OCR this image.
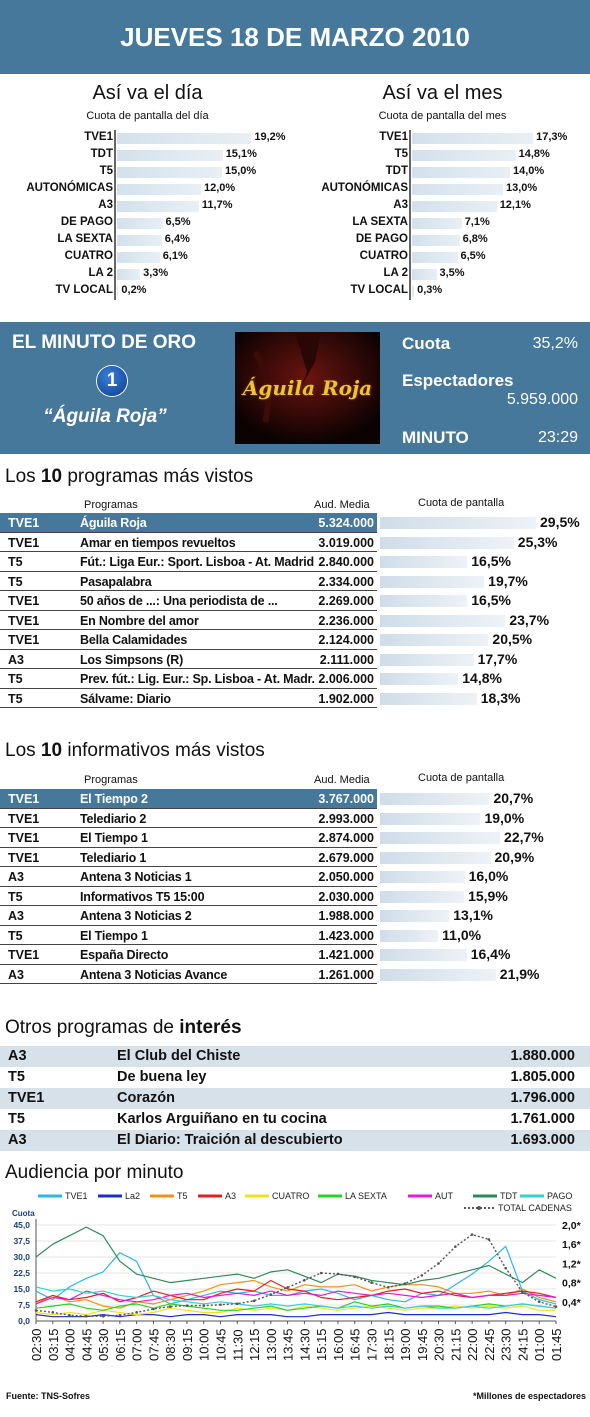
JUEVES 18 DE MARZO 2010
Así va el día
Cuota de pantalla del día
TVE1	19,2%
TDT	15,1%
T5	15,0%
AUTONÓMICAS	12,0%
A3	11,7%
DE PAGO	6,5%
LA SEXTA	6,4%
CUATRO	6,1%
LA 2	3,3%
TV LOCAL 0,2%
Así va el mes
Cuota de pantalla del mes
TVE1	17,3%
T5	14,8%
TDT	14,0%
AUTONÓMICAS	13,0%
A3	12,1%
LA SEXTA	7,1%
DE PAGO	6,8%
CUATRO	6,5%
LA 2	3,5%
TV LOCAL 0,3%
EL MINUTO DE ORO
1
“Águila Roja”
Águila Roja
Cuota	35,2%
Espectadores
5.959.000
MINUTO	23:29
Los 10 programas más vistos
Programas	Aud. Media	Cuota de pantalla
TVE1	Águila Roja	5.324.000	29,5%
TVE1	Amar en tiempos revueltos	3.019.000	25,3%
T5	Fút.: Liga Eur.: Sport. Lisboa - At. Madrid 2.840.000	16,5%
T5	Pasapalabra	2.334.000	19,7%
TVE1	50 años de ...: Una periodista de ...	2.269.000	16,5%
TVE1	En Nombre del amor	2.236.000	23,7%
TVE1	Bella Calamidades	2.124.000	20,5%
A3	Los Simpsons (R)	2.111.000	17,7%
T5	Prev. fút.: Lig. Eur.: Sp. Lisboa - At. Madr. 2.006.000	14,8%
T5	Sálvame: Diario	1.902.000	18,3%
Los 10 informativos más vistos
Programas	Aud. Media	Cuota de pantalla
TVE1	El Tiempo 2	3.767.000	20,7%
TVE1	Telediario 2	2.993.000	19,0%
TVE1	El Tiempo 1	2.874.000	22,7%
TVE1	Telediario 1	2.679.000	20,9%
A3	Antena 3 Noticias 1	2.050.000	16,0%
T5	Informativos T5 15:00	2.030.000	15,9%
A3	Antena 3 Noticias 2	1.988.000	13,1%
T5	El Tiempo 1	1.423.000	11,0%
TVE1	España Directo	1.421.000	16,4%
A3	Antena 3 Noticias Avance	1.261.000	21,9%
Otros programas de interés
A3	El Club del Chiste	1.880.000
T5	De buena ley	1.805.000
TVE1	Corazón	1.796.000
T5	Karlos Arguiñano en tu cocina	1.761.000
A3	El Diario: Traición al descubierto	1.693.000
Audiencia por minuto
TVE1	La2	T5	A3	CUATRO	LA SEXTA	AUT	TDT	PAGO
TOTAL CADENAS
Cuota
45,0
37,5
30,0
22,5
15,0
7,5
0,0
2,0*
1,6*
1,2*
0,8*
0,4*
02:30 03:15 04:00 04:45 05:30 06:15 07:00 07:45 08:30 09:15 10:00 10:45 11:30 12:15 13:00 13:45 14:30 15:15 16:00 16:45 17:30 18:15 19:00 19:45 20:30 21:15 22:00 22:45 23:30 24:15 01:00 01:45
Fuente: TNS-Sofres	*Millones de espectadores
